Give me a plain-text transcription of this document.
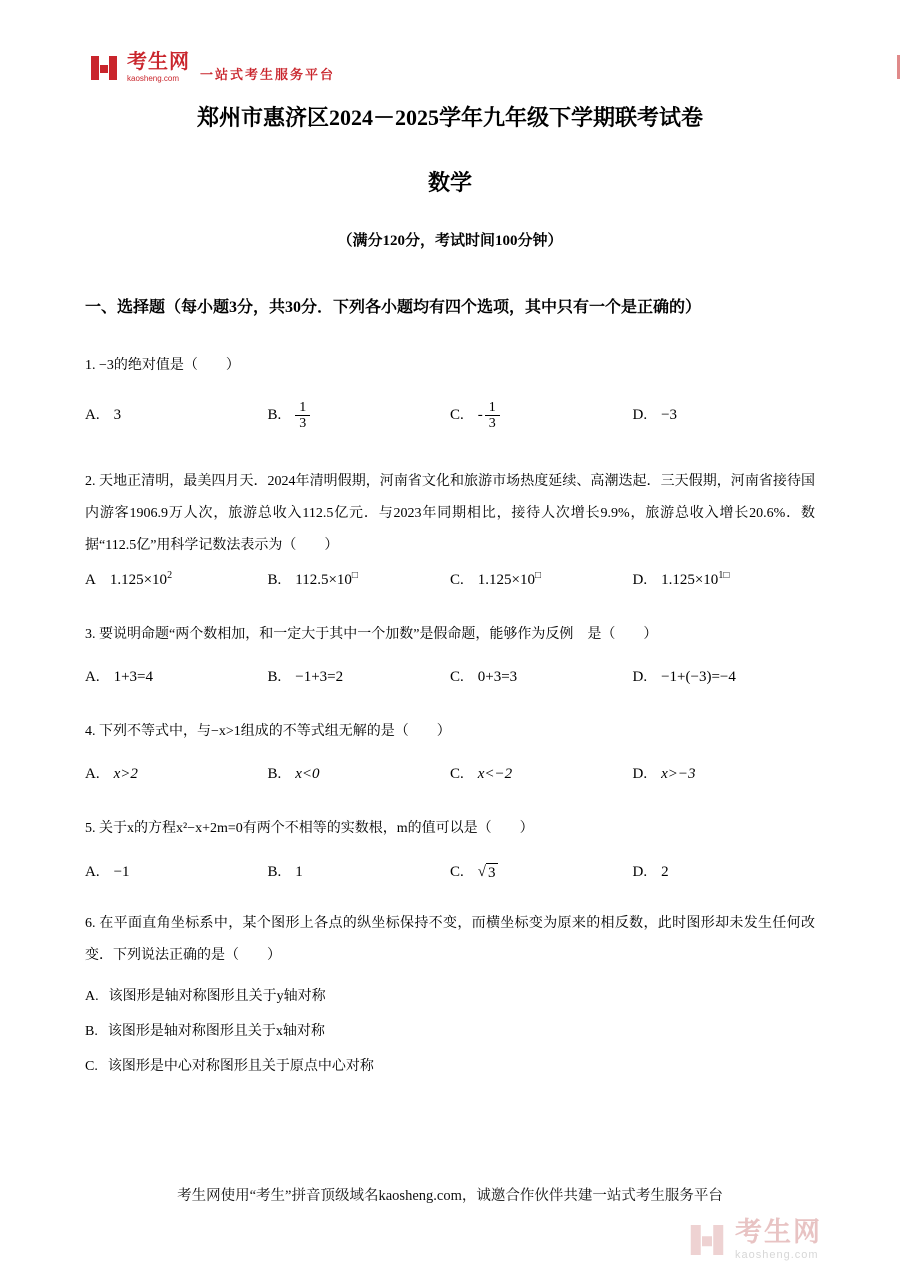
考生网
kaosheng.com	一站式考生服务平台
郑州市惠济区2024－2025学年九年级下学期联考试卷
数学
（满分120分，考试时间100分钟）
一、选择题（每小题3分，共30分．下列各小题均有四个选项，其中只有一个是正确的）
1. −3的绝对值是（　　）
A. 3	B. $\frac{1}{3}$	C. - $\frac{1}{3}$	D. −3
2. 天地正清明，最美四月天．2024年清明假期，河南省文化和旅游市场热度延续、高潮迭起．三天假期，河南省接待国内游客1906.9万人次，旅游总收入112.5亿元．与2023年同期相比，接待人次增长9.9%，旅游总收入增长20.6%．数据“112.5亿”用科学记数法表示为（　　）
A $1.125\times 10^2$	B. 112.5×10□	C. 1.125×10□	D. $1.125\times 10^{1□}$
3. 要说明命题“两个数相加，和一定大于其中一个加数”是假命题，能够作为反例　是（　　）
A. 1+3=4	B. −1+3=2	C. 0+3=3	D. −1+(−3)=−4
4. 下列不等式中，与−x>1组成的不等式组无解的是（　　）
A. x>2	B. x<0	C. x<−2	D. x>−3
5. 关于x的方程x²−x+2m=0有两个不相等的实数根，m的值可以是（　　）
A. −1	B. 1	C. √ 3	D. 2
6. 在平面直角坐标系中，某个图形上各点的纵坐标保持不变，而横坐标变为原来的相反数，此时图形却未发生任何改变．下列说法正确的是（　　）
A. 该图形是轴对称图形且关于y轴对称
B. 该图形是轴对称图形且关于x轴对称
C. 该图形是中心对称图形且关于原点中心对称
考生网使用“考生”拼音顶级域名kaosheng.com，诚邀合作伙伴共建一站式考生服务平台
考生网
kaosheng.com
